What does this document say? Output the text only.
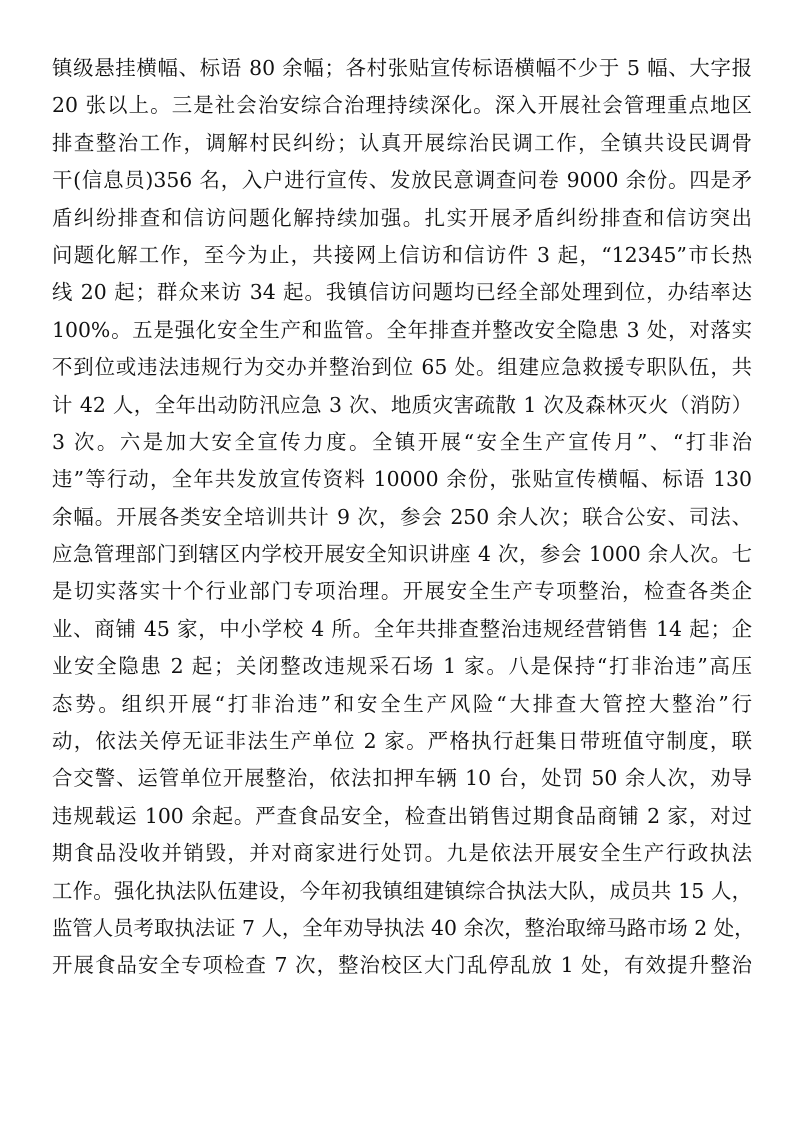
镇级悬挂横幅、标语 80 余幅；各村张贴宣传标语横幅不少于 5 幅、大字报
20 张以上。三是社会治安综合治理持续深化。深入开展社会管理重点地区
排查整治工作，调解村民纠纷；认真开展综治民调工作，全镇共设民调骨
干(信息员)356 名，入户进行宣传、发放民意调查问卷 9000 余份。四是矛
盾纠纷排查和信访问题化解持续加强。扎实开展矛盾纠纷排查和信访突出
问题化解工作，至今为止，共接网上信访和信访件 3 起，“12345”市长热
线 20 起；群众来访 34 起。我镇信访问题均已经全部处理到位，办结率达
100%。五是强化安全生产和监管。全年排查并整改安全隐患 3 处，对落实
不到位或违法违规行为交办并整治到位 65 处。组建应急救援专职队伍，共
计 42 人，全年出动防汛应急 3 次、地质灾害疏散 1 次及森林灭火（消防）
3 次。六是加大安全宣传力度。全镇开展“安全生产宣传月”、“打非治
违”等行动，全年共发放宣传资料 10000 余份，张贴宣传横幅、标语 130
余幅。开展各类安全培训共计 9 次，参会 250 余人次；联合公安、司法、
应急管理部门到辖区内学校开展安全知识讲座 4 次，参会 1000 余人次。七
是切实落实十个行业部门专项治理。开展安全生产专项整治，检查各类企
业、商铺 45 家，中小学校 4 所。全年共排查整治违规经营销售 14 起；企
业安全隐患 2 起；关闭整改违规采石场 1 家。八是保持“打非治违”高压
态势。组织开展“打非治违”和安全生产风险“大排查大管控大整治”行
动，依法关停无证非法生产单位 2 家。严格执行赶集日带班值守制度，联
合交警、运管单位开展整治，依法扣押车辆 10 台，处罚 50 余人次，劝导
违规载运 100 余起。严查食品安全，检查出销售过期食品商铺 2 家，对过
期食品没收并销毁，并对商家进行处罚。九是依法开展安全生产行政执法
工作。强化执法队伍建设，今年初我镇组建镇综合执法大队，成员共 15 人，
监管人员考取执法证 7 人，全年劝导执法 40 余次，整治取缔马路市场 2 处，
开展食品安全专项检查 7 次，整治校区大门乱停乱放 1 处，有效提升整治
